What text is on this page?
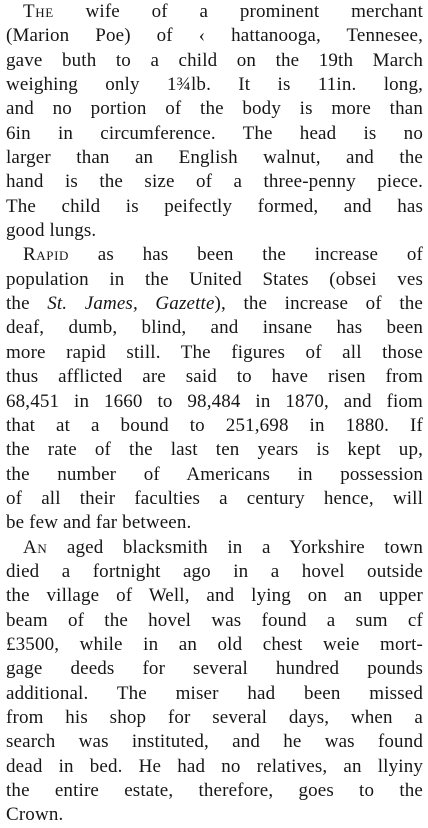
The wife of a prominent merchant
(Marion Poe) of ‹ hattanooga, Tennesee,
gave buth to a child on the 19th March
weighing only 1¾lb. It is 11in. long,
and no portion of the body is more than
6in in circumference. The head is no
larger than an English walnut, and the
hand is the size of a three-penny piece.
The child is peifectly formed, and has
good lungs.
Rapid as has been the increase of
population in the United States (obsei ves
the St. James, Gazette), the increase of the
deaf, dumb, blind, and insane has been
more rapid still. The figures of all those
thus afflicted are said to have risen from
68,451 in 1660 to 98,484 in 1870, and fiom
that at a bound to 251,698 in 1880. If
the rate of the last ten years is kept up,
the number of Americans in possession
of all their faculties a century hence, will
be few and far between.
An aged blacksmith in a Yorkshire town
died a fortnight ago in a hovel outside
the village of Well, and lying on an upper
beam of the hovel was found a sum cf
£3500, while in an old chest weie mort-
gage deeds for several hundred pounds
additional. The miser had been missed
from his shop for several days, when a
search was instituted, and he was found
dead in bed. He had no relatives, an llyiny
the entire estate, therefore, goes to the
Crown.
